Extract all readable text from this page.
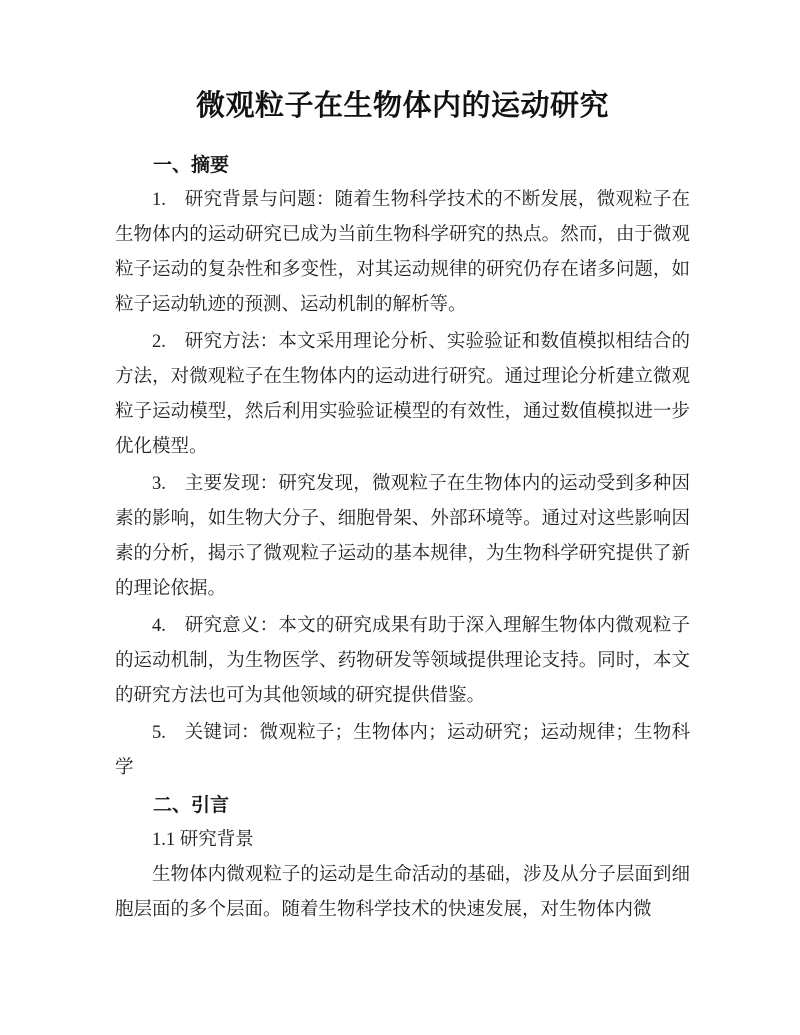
微观粒子在生物体内的运动研究
一、摘要

1.　研究背景与问题：随着生物科学技术的不断发展，微观粒子在生物体内的运动研究已成为当前生物科学研究的热点。然而，由于微观粒子运动的复杂性和多变性，对其运动规律的研究仍存在诸多问题，如粒子运动轨迹的预测、运动机制的解析等。

2.　研究方法：本文采用理论分析、实验验证和数值模拟相结合的方法，对微观粒子在生物体内的运动进行研究。通过理论分析建立微观粒子运动模型，然后利用实验验证模型的有效性，通过数值模拟进一步优化模型。

3.　主要发现：研究发现，微观粒子在生物体内的运动受到多种因素的影响，如生物大分子、细胞骨架、外部环境等。通过对这些影响因素的分析，揭示了微观粒子运动的基本规律，为生物科学研究提供了新的理论依据。

4.　研究意义：本文的研究成果有助于深入理解生物体内微观粒子的运动机制，为生物医学、药物研发等领域提供理论支持。同时，本文的研究方法也可为其他领域的研究提供借鉴。

5.　关键词：微观粒子；生物体内；运动研究；运动规律；生物科学

二、引言

1.1 研究背景

生物体内微观粒子的运动是生命活动的基础，涉及从分子层面到细胞层面的多个层面。随着生物科学技术的快速发展，对生物体内微
